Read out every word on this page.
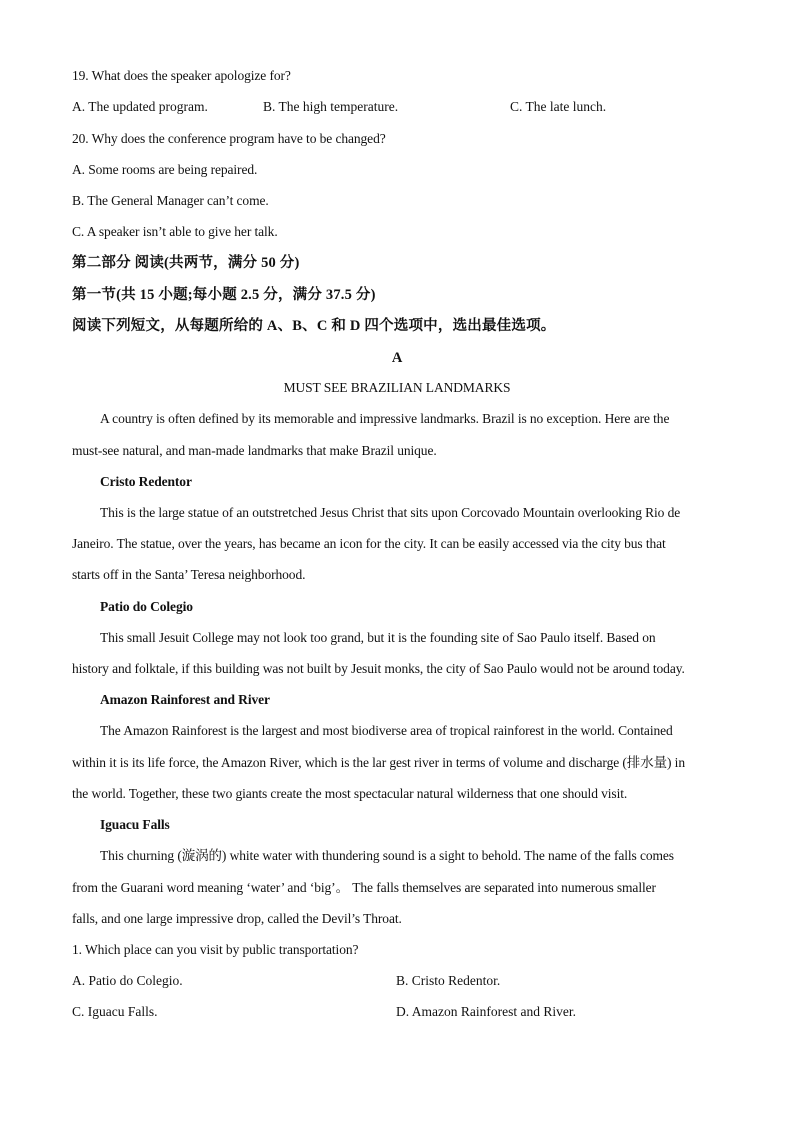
19. What does the speaker apologize for?
A. The updated program.	B. The high temperature.	C. The late lunch.
20. Why does the conference program have to be changed?
A. Some rooms are being repaired.
B. The General Manager can’t come.
C. A speaker isn’t able to give her talk.
第二部分 阅读(共两节，满分 50 分)
第一节(共 15 小题;每小题 2.5 分，满分 37.5 分)
阅读下列短文，从每题所给的 A、B、C 和 D 四个选项中，选出最佳选项。
A
MUST SEE BRAZILIAN LANDMARKS
A country is often defined by its memorable and impressive landmarks. Brazil is no exception. Here are the
must-see natural, and man-made landmarks that make Brazil unique.
Cristo Redentor
This is the large statue of an outstretched Jesus Christ that sits upon Corcovado Mountain overlooking Rio de
Janeiro. The statue, over the years, has became an icon for the city. It can be easily accessed via the city bus that
starts off in the Santa’ Teresa neighborhood.
Patio do Colegio
This small Jesuit College may not look too grand, but it is the founding site of Sao Paulo itself. Based on
history and folktale, if this building was not built by Jesuit monks, the city of Sao Paulo would not be around today.
Amazon Rainforest and River
The Amazon Rainforest is the largest and most biodiverse area of tropical rainforest in the world. Contained
within it is its life force, the Amazon River, which is the lar gest river in terms of volume and discharge (排水量) in
the world. Together, these two giants create the most spectacular natural wilderness that one should visit.
Iguacu Falls
This churning (漩涡的) white water with thundering sound is a sight to behold. The name of the falls comes
from the Guarani word meaning ‘water’ and ‘big’。 The falls themselves are separated into numerous smaller
falls, and one large impressive drop, called the Devil’s Throat.
1. Which place can you visit by public transportation?
A. Patio do Colegio.	B. Cristo Redentor.
C. Iguacu Falls.	D. Amazon Rainforest and River.
